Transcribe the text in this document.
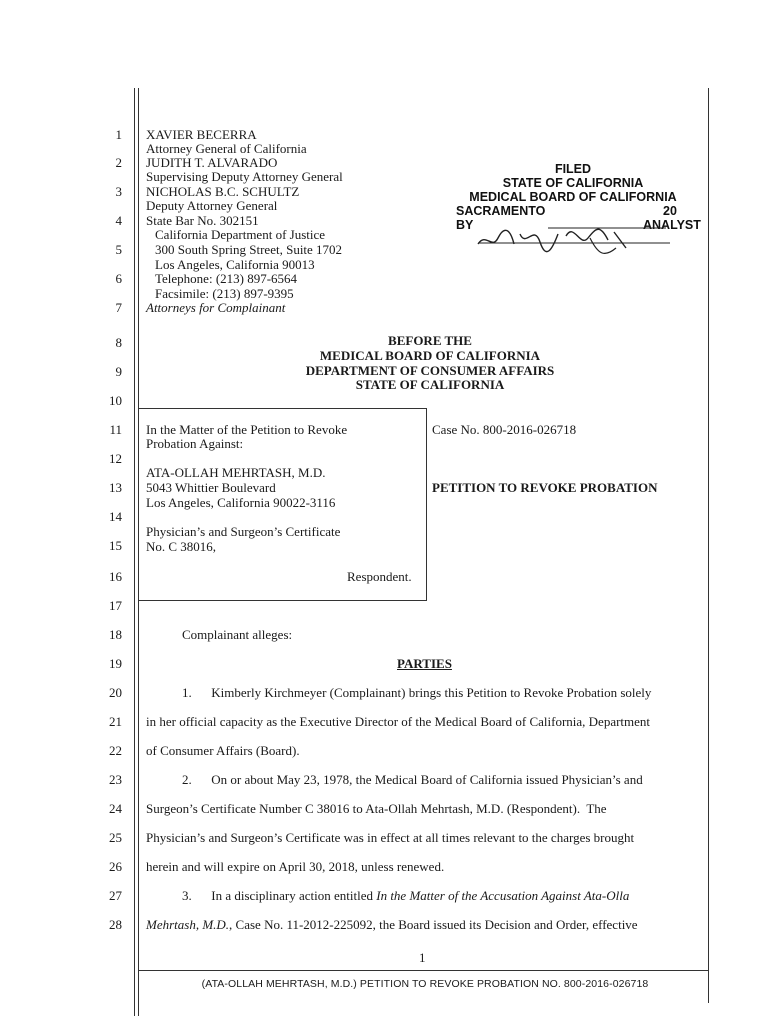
1
2
3
4
5
6
7
8
9
10
11
12
13
14
15
16
17
18
19
20
21
22
23
24
25
26
27
28
XAVIER BECERRA
Attorney General of California
JUDITH T. ALVARADO
Supervising Deputy Attorney General
NICHOLAS B.C. SCHULTZ
Deputy Attorney General
State Bar No. 302151
California Department of Justice
300 South Spring Street, Suite 1702
Los Angeles, California 90013
Telephone: (213) 897-6564
Facsimile: (213) 897-9395
Attorneys for Complainant
FILED
STATE OF CALIFORNIA
MEDICAL BOARD OF CALIFORNIA
SACRAMENTO	20
BY	ANALYST
BEFORE THE
MEDICAL BOARD OF CALIFORNIA
DEPARTMENT OF CONSUMER AFFAIRS
STATE OF CALIFORNIA
In the Matter of the Petition to Revoke
Probation Against:
ATA-OLLAH MEHRTASH, M.D.
5043 Whittier Boulevard
Los Angeles, California 90022-3116
Physician’s and Surgeon’s Certificate
No. C 38016,
Respondent.
Case No. 800-2016-026718
PETITION TO REVOKE PROBATION
Complainant alleges:
PARTIES
1.      Kimberly Kirchmeyer (Complainant) brings this Petition to Revoke Probation solely
in her official capacity as the Executive Director of the Medical Board of California, Department
of Consumer Affairs (Board).
2.      On or about May 23, 1978, the Medical Board of California issued Physician’s and
Surgeon’s Certificate Number C 38016 to Ata-Ollah Mehrtash, M.D. (Respondent).  The
Physician’s and Surgeon’s Certificate was in effect at all times relevant to the charges brought
herein and will expire on April 30, 2018, unless renewed.
3.      In a disciplinary action entitled In the Matter of the Accusation Against Ata-Olla
Mehrtash, M.D., Case No. 11-2012-225092, the Board issued its Decision and Order, effective
1
(ATA-OLLAH MEHRTASH, M.D.) PETITION TO REVOKE PROBATION NO. 800-2016-026718
